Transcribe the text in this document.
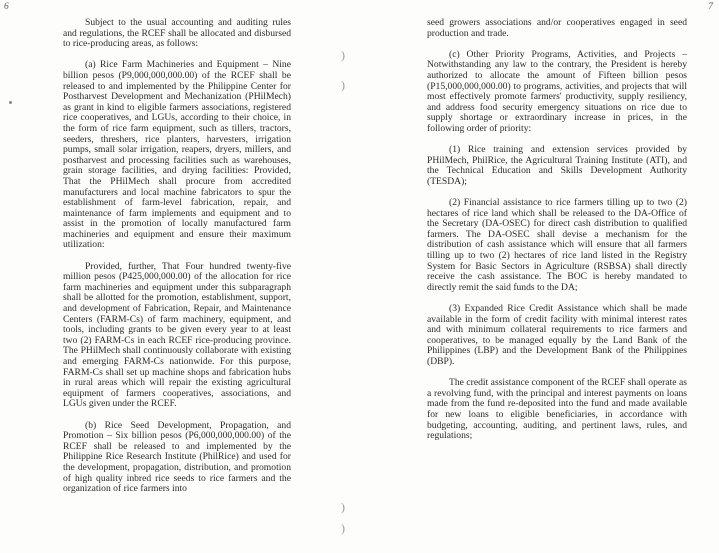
6	7
)
)
)
)

Subject to the usual accounting and auditing rules and regulations, the RCEF shall be allocated and disbursed to rice-producing areas, as follows:

(a) Rice Farm Machineries and Equipment – Nine billion pesos (P9,000,000,000.00) of the RCEF shall be released to and implemented by the Philippine Center for Postharvest Development and Mechanization (PHilMech) as grant in kind to eligible farmers associations, registered rice cooperatives, and LGUs, according to their choice, in the form of rice farm equipment, such as tillers, tractors, seeders, threshers, rice planters, harvesters, irrigation pumps, small solar irrigation, reapers, dryers, millers, and postharvest and processing facilities such as warehouses, grain storage facilities, and drying facilities: Provided, That the PHilMech shall procure from accredited manufacturers and local machine fabricators to spur the establishment of farm-level fabrication, repair, and maintenance of farm implements and equipment and to assist in the promotion of locally manufactured farm machineries and equipment and ensure their maximum utilization:

Provided, further, That Four hundred twenty-five million pesos (P425,000,000.00) of the allocation for rice farm machineries and equipment under this subparagraph shall be allotted for the promotion, establishment, support, and development of Fabrication, Repair, and Maintenance Centers (FARM-Cs) of farm machinery, equipment, and tools, including grants to be given every year to at least two (2) FARM-Cs in each RCEF rice-producing province. The PHilMech shall continuously collaborate with existing and emerging FARM-Cs nationwide. For this purpose, FARM-Cs shall set up machine shops and fabrication hubs in rural areas which will repair the existing agricultural equipment of farmers cooperatives, associations, and LGUs given under the RCEF.

(b) Rice Seed Development, Propagation, and Promotion – Six billion pesos (P6,000,000,000.00) of the RCEF shall be released to and implemented by the Philippine Rice Research Institute (PhilRice) and used for the development, propagation, distribution, and promotion of high quality inbred rice seeds to rice farmers and the organization of rice farmers into

seed growers associations and/or cooperatives engaged in seed production and trade.

(c) Other Priority Programs, Activities, and Projects – Notwithstanding any law to the contrary, the President is hereby authorized to allocate the amount of Fifteen billion pesos (P15,000,000,000.00) to programs, activities, and projects that will most effectively promote farmers' productivity, supply resiliency, and address food security emergency situations on rice due to supply shortage or extraordinary increase in prices, in the following order of priority:

(1) Rice training and extension services provided by PHilMech, PhilRice, the Agricultural Training Institute (ATI), and the Technical Education and Skills Development Authority (TESDA);

(2) Financial assistance to rice farmers tilling up to two (2) hectares of rice land which shall be released to the DA-Office of the Secretary (DA-OSEC) for direct cash distribution to qualified farmers. The DA-OSEC shall devise a mechanism for the distribution of cash assistance which will ensure that all farmers tilling up to two (2) hectares of rice land listed in the Registry System for Basic Sectors in Agriculture (RSBSA) shall directly receive the cash assistance. The BOC is hereby mandated to directly remit the said funds to the DA;

(3) Expanded Rice Credit Assistance which shall be made available in the form of credit facility with minimal interest rates and with minimum collateral requirements to rice farmers and cooperatives, to be managed equally by the Land Bank of the Philippines (LBP) and the Development Bank of the Philippines (DBP).

The credit assistance component of the RCEF shall operate as a revolving fund, with the principal and interest payments on loans made from the fund re-deposited into the fund and made available for new loans to eligible beneficiaries, in accordance with budgeting, accounting, auditing, and pertinent laws, rules, and regulations;
